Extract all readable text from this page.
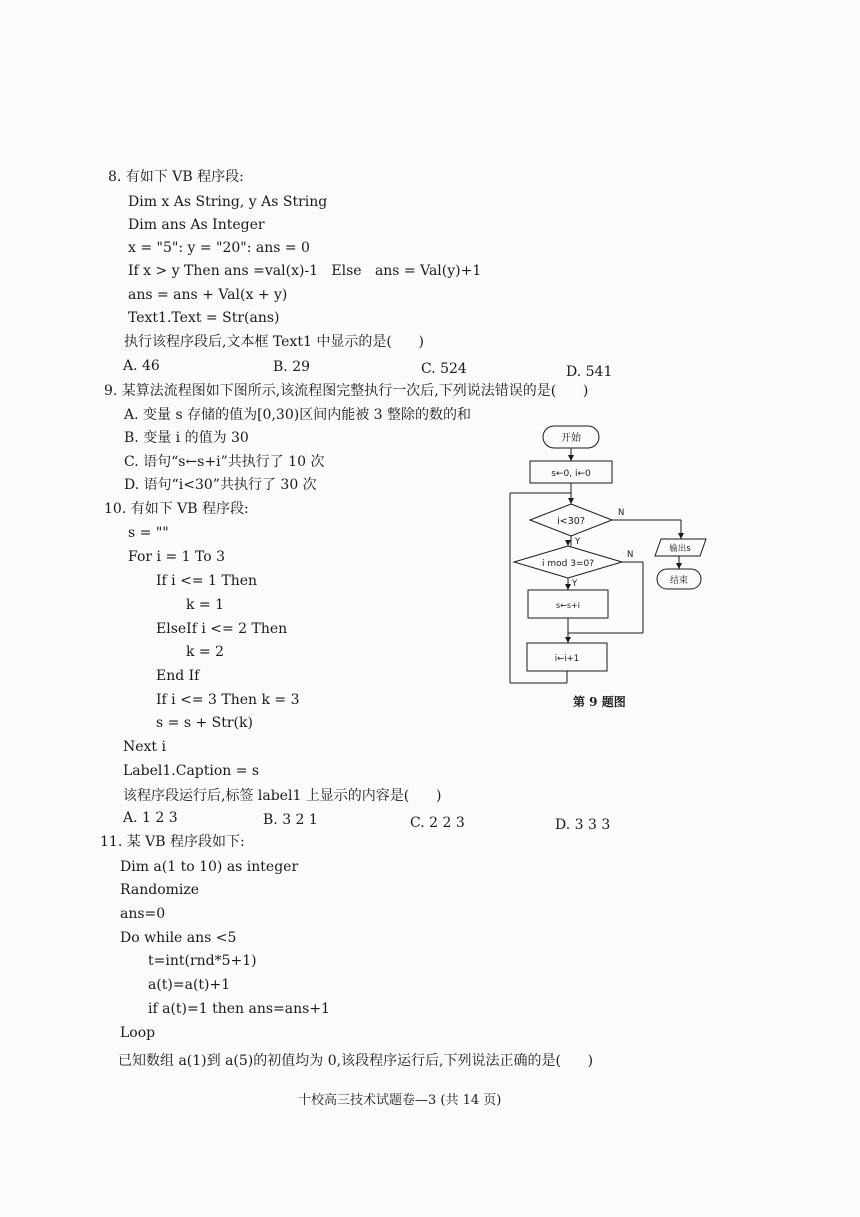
8. 有如下 VB 程序段:
Dim x As String, y As String
Dim ans As Integer
x = "5": y = "20": ans = 0
If x > y Then ans =val(x)-1   Else   ans = Val(y)+1
ans = ans + Val(x + y)
Text1.Text = Str(ans)
执行该程序段后,文本框 Text1 中显示的是(      )
A. 46	B. 29	C. 524	D. 541
9. 某算法流程图如下图所示,该流程图完整执行一次后,下列说法错误的是(      )
A. 变量 s 存储的值为[0,30)区间内能被 3 整除的数的和
B. 变量 i 的值为 30
C. 语句“s←s+i”共执行了 10 次
D. 语句“i<30”共执行了 30 次
开始
s←0, i←0
i<30?
i mod 3=0?
Y
Y
N
N
s←s+i
i←i+1
输出s
结束
第 9 题图
10. 有如下 VB 程序段:
s = ""
For i = 1 To 3
If i <= 1 Then
k = 1
ElseIf i <= 2 Then
k = 2
End If
If i <= 3 Then k = 3
s = s + Str(k)
Next i
Label1.Caption = s
该程序段运行后,标签 label1 上显示的内容是(      )
A. 1 2 3	B. 3 2 1	C. 2 2 3	D. 3 3 3
11. 某 VB 程序段如下:
Dim a(1 to 10) as integer
Randomize
ans=0
Do while ans <5
t=int(rnd*5+1)
a(t)=a(t)+1
if a(t)=1 then ans=ans+1
Loop
已知数组 a(1)到 a(5)的初值均为 0,该段程序运行后,下列说法正确的是(      )
十校高三技术试题卷—3 (共 14 页)
